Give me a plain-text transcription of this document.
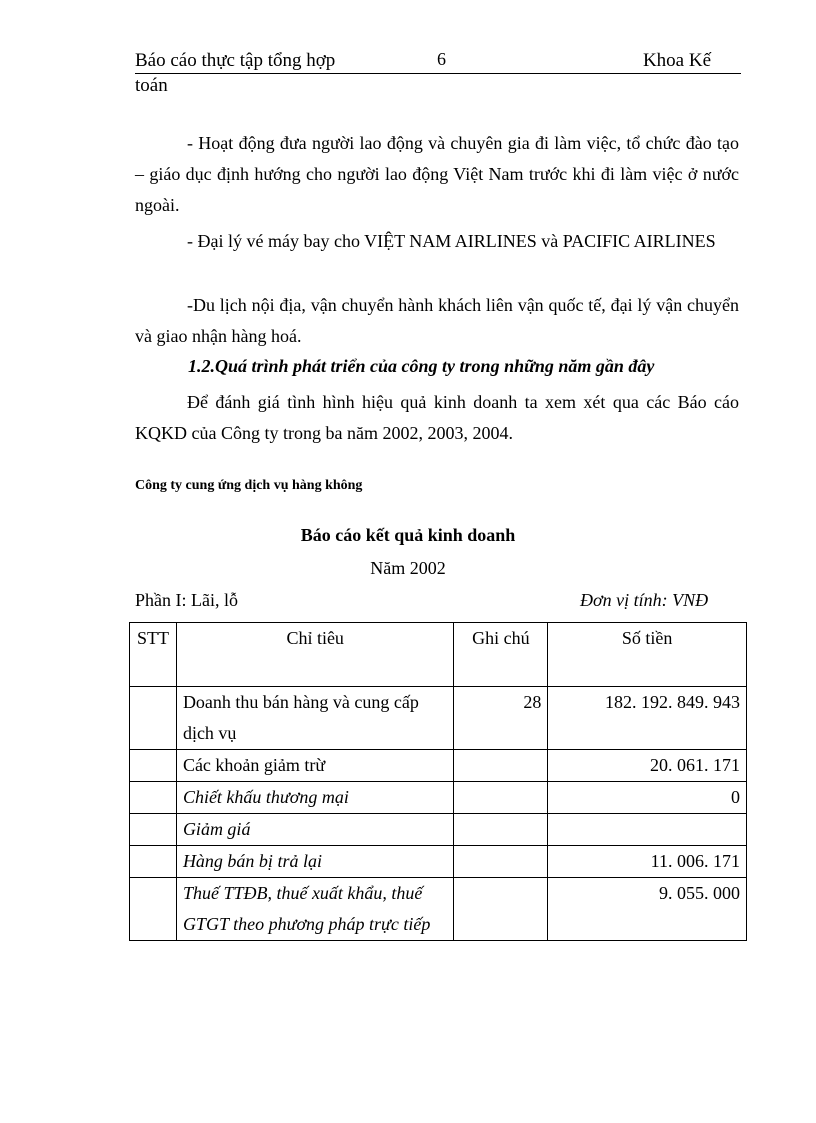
Báo cáo thực tập tổng hợp	6	Khoa Kế
toán
- Hoạt động đưa người lao động và chuyên gia đi làm việc, tổ chức đào tạo – giáo dục định hướng cho người lao động Việt Nam trước khi đi làm việc ở nước ngoài.
- Đại lý vé máy bay cho VIỆT NAM AIRLINES và PACIFIC AIRLINES
-Du lịch nội địa, vận chuyển hành khách liên vận quốc tế, đại lý vận chuyển và giao nhận hàng hoá.
1.2.Quá trình phát triển của công ty trong những năm gần đây
Để đánh giá tình hình hiệu quả kinh doanh ta xem xét qua các Báo cáo KQKD của Công ty trong ba năm 2002, 2003, 2004.
Công ty cung ứng dịch vụ hàng không
Báo cáo kết quả kinh doanh
Năm 2002
Phần I: Lãi, lỗ	Đơn vị tính: VNĐ
STT	Chỉ tiêu	Ghi chú	Số tiền
	Doanh thu bán hàng và cung cấp dịch vụ	28	182. 192. 849. 943
	Các khoản giảm trừ		20. 061. 171
	Chiết khấu thương mại		0
	Giảm giá		
	Hàng bán bị trả lại		11. 006. 171
	Thuế TTĐB, thuế xuất khẩu, thuế GTGT theo phương pháp trực tiếp		9. 055. 000
